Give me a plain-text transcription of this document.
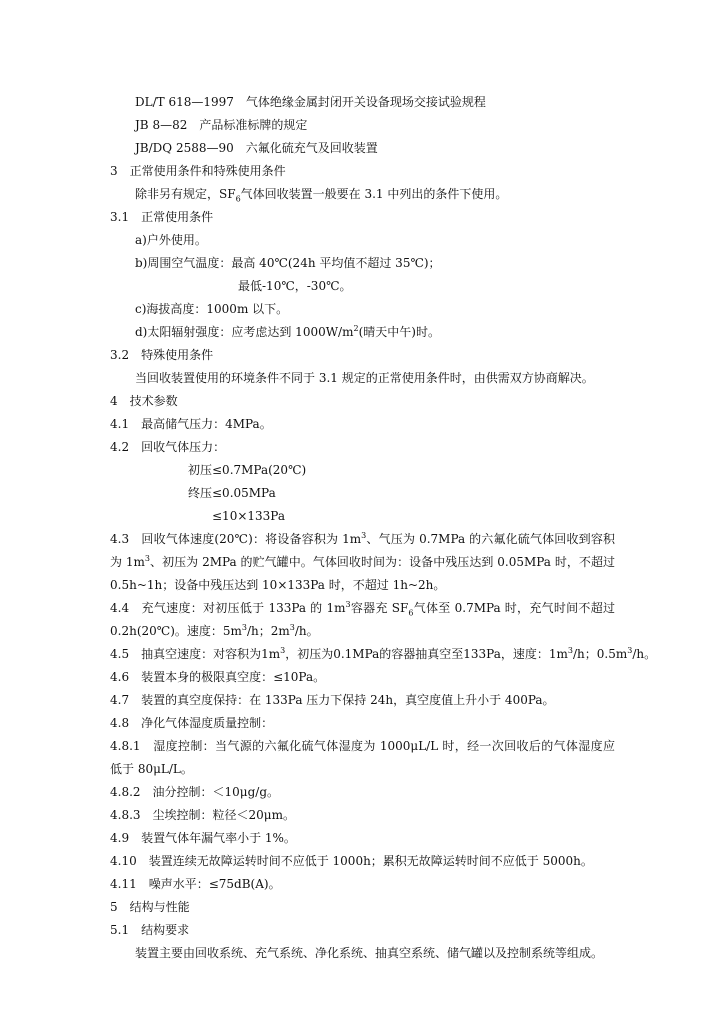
DL/T 618—1997　气体绝缘金属封闭开关设备现场交接试验规程
JB 8—82　产品标准标牌的规定
JB/DQ 2588—90　六氟化硫充气及回收装置
3　正常使用条件和特殊使用条件
除非另有规定，$SF_6$气体回收装置一般要在 3.1 中列出的条件下使用。
3.1　正常使用条件
a)户外使用。
b)周围空气温度：最高 40℃(24h 平均值不超过 35℃)；
最低-10℃，-30℃。
c)海拔高度：1000m 以下。
d)太阳辐射强度：应考虑达到 $1000W/m^2$(晴天中午)时。
3.2　特殊使用条件
当回收装置使用的环境条件不同于 3.1 规定的正常使用条件时，由供需双方协商解决。
4　技术参数
4.1　最高储气压力：4MPa。
4.2　回收气体压力：
初压≤0.7MPa(20℃)
终压≤0.05MPa
≤10×133Pa
4.3　回收气体速度(20℃)：将设备容积为 $1m^3$、气压为 0.7MPa 的六氟化硫气体回收到容积
为 $1m^3$、初压为 2MPa 的贮气罐中。气体回收时间为：设备中残压达到 0.05MPa 时，不超过
0.5h~1h；设备中残压达到 10×133Pa 时，不超过 1h~2h。
4.4　充气速度：对初压低于 133Pa 的 $1m^3$容器充 $SF_6$气体至 0.7MPa 时，充气时间不超过
0.2h(20℃)。速度：$5m^3/h$；$2m^3/h$。
4.5　抽真空速度：对容积为$1m^3$，初压为0.1MPa的容器抽真空至133Pa，速度：$1m^3/h$；$0.5m^3/h$。
4.6　装置本身的极限真空度：≤10Pa。
4.7　装置的真空度保持：在 133Pa 压力下保持 24h，真空度值上升小于 400Pa。
4.8　净化气体湿度质量控制：
4.8.1　湿度控制：当气源的六氟化硫气体湿度为 1000μL/L 时，经一次回收后的气体湿度应
低于 80μL/L。
4.8.2　油分控制：＜10μg/g。
4.8.3　尘埃控制：粒径＜20μm。
4.9　装置气体年漏气率小于 1%。
4.10　装置连续无故障运转时间不应低于 1000h；累积无故障运转时间不应低于 5000h。
4.11　噪声水平：≤75dB(A)。
5　结构与性能
5.1　结构要求
装置主要由回收系统、充气系统、净化系统、抽真空系统、储气罐以及控制系统等组成。
